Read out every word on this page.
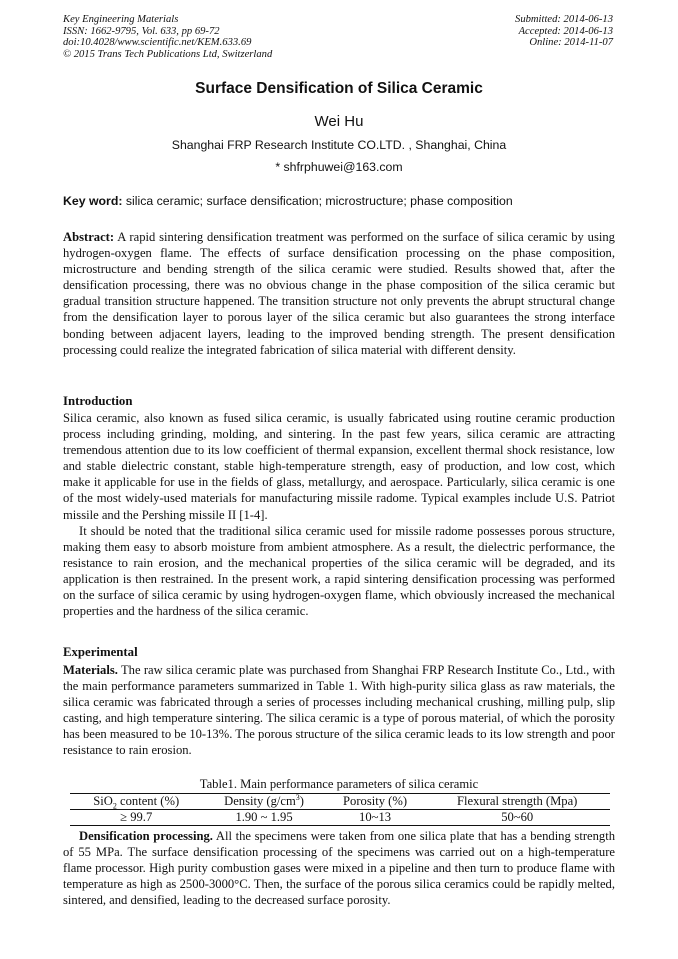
Key Engineering Materials
ISSN: 1662-9795, Vol. 633, pp 69-72
doi:10.4028/www.scientific.net/KEM.633.69
© 2015 Trans Tech Publications Ltd, Switzerland
Submitted: 2014-06-13
Accepted: 2014-06-13
Online: 2014-11-07
Surface Densification of Silica Ceramic
Wei Hu
Shanghai FRP Research Institute CO.LTD. , Shanghai, China
* shfrphuwei@163.com
Key word: silica ceramic; surface densification; microstructure; phase composition

Abstract: A rapid sintering densification treatment was performed on the surface of silica ceramic by using hydrogen-oxygen flame. The effects of surface densification processing on the phase composition, microstructure and bending strength of the silica ceramic were studied. Results showed that, after the densification processing, there was no obvious change in the phase composition of the silica ceramic but gradual transition structure happened. The transition structure not only prevents the abrupt structural change from the densification layer to porous layer of the silica ceramic but also guarantees the strong interface bonding between adjacent layers, leading to the improved bending strength. The present densification processing could realize the integrated fabrication of silica material with different density.

Introduction

Silica ceramic, also known as fused silica ceramic, is usually fabricated using routine ceramic production process including grinding, molding, and sintering. In the past few years, silica ceramic are attracting tremendous attention due to its low coefficient of thermal expansion, excellent thermal shock resistance, low and stable dielectric constant, stable high-temperature strength, easy of production, and low cost, which make it applicable for use in the fields of glass, metallurgy, and aerospace. Particularly, silica ceramic is one of the most widely-used materials for manufacturing missile radome. Typical examples include U.S. Patriot missile and the Pershing missile II [1-4].

It should be noted that the traditional silica ceramic used for missile radome possesses porous structure, making them easy to absorb moisture from ambient atmosphere. As a result, the dielectric performance, the resistance to rain erosion, and the mechanical properties of the silica ceramic will be degraded, and its application is then restrained. In the present work, a rapid sintering densification processing was performed on the surface of silica ceramic by using hydrogen-oxygen flame, which obviously increased the mechanical properties and the hardness of the silica ceramic.

Experimental

Materials. The raw silica ceramic plate was purchased from Shanghai FRP Research Institute Co., Ltd., with the main performance parameters summarized in Table 1. With high-purity silica glass as raw materials, the silica ceramic was fabricated through a series of processes including mechanical crushing, milling pulp, slip casting, and high temperature sintering. The silica ceramic is a type of porous material, of which the porosity has been measured to be 10-13%. The porous structure of the silica ceramic leads to its low strength and poor resistance to rain erosion.

Table1. Main performance parameters of silica ceramic
SiO$_2$ content (%)	Density $(g/cm^3)$	Porosity (%)	Flexural strength (Mpa)
≥ 99.7	1.90 ~ 1.95	10~13	50~60

Densification processing. All the specimens were taken from one silica plate that has a bending strength of 55 MPa. The surface densification processing of the specimens was carried out on a high-temperature flame processor. High purity combustion gases were mixed in a pipeline and then turn to produce flame with temperature as high as 2500-3000°C. Then, the surface of the porous silica ceramics could be rapidly melted, sintered, and densified, leading to the decreased surface porosity.
